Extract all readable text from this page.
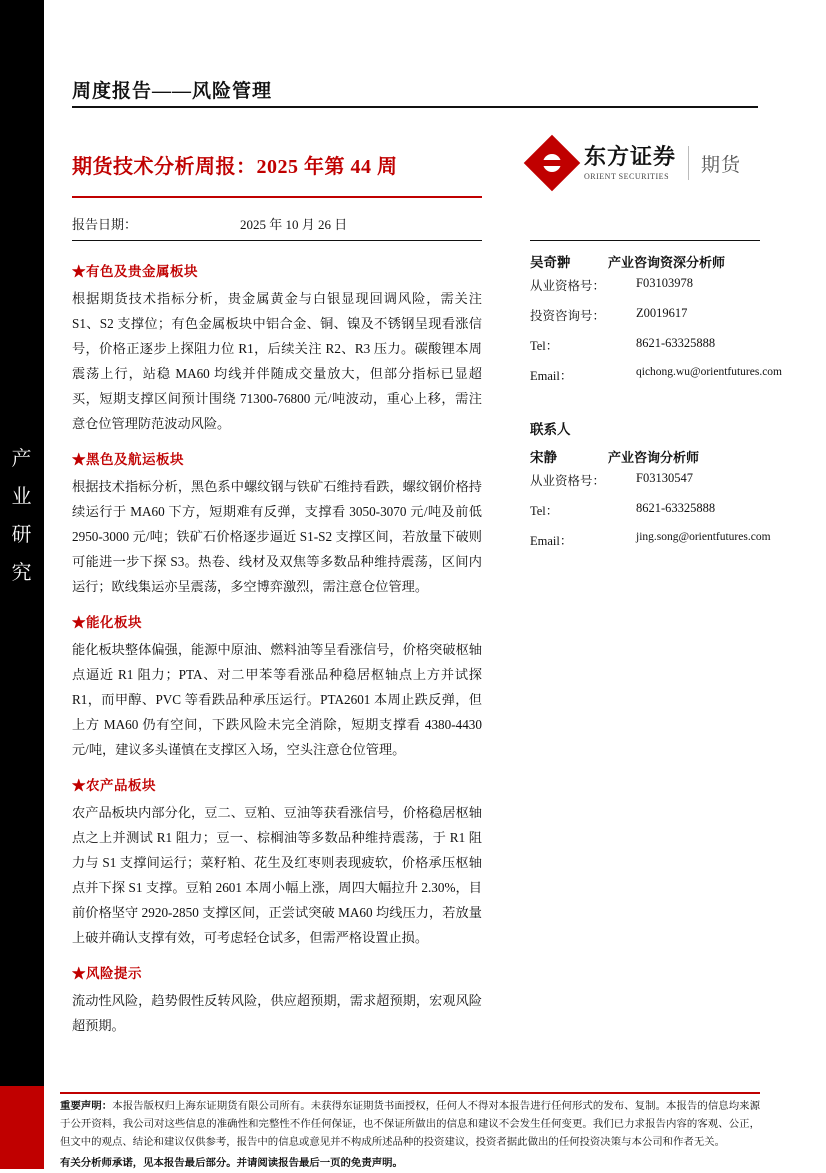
产
业
研
究
周度报告——风险管理
期货技术分析周报：2025 年第 44 周	东方证券
ORIENT SECURITIES
期货
报告日期：	2025 年 10 月 26 日
★有色及贵金属板块

根据期货技术指标分析，贵金属黄金与白银显现回调风险，需关注 S1、S2 支撑位；有色金属板块中铝合金、铜、镍及不锈钢呈现看涨信号，价格正逐步上探阻力位 R1，后续关注 R2、R3 压力。碳酸锂本周震荡上行，站稳 MA60 均线并伴随成交量放大，但部分指标已显超买，短期支撑区间预计围绕 71300-76800 元/吨波动，重心上移，需注意仓位管理防范波动风险。

★黑色及航运板块

根据技术指标分析，黑色系中螺纹钢与铁矿石维持看跌，螺纹钢价格持续运行于 MA60 下方，短期难有反弹，支撑看 3050-3070 元/吨及前低 2950-3000 元/吨；铁矿石价格逐步逼近 S1-S2 支撑区间，若放量下破则可能进一步下探 S3。热卷、线材及双焦等多数品种维持震荡，区间内运行；欧线集运亦呈震荡，多空博弈激烈，需注意仓位管理。

★能化板块

能化板块整体偏强，能源中原油、燃料油等呈看涨信号，价格突破枢轴点逼近 R1 阻力；PTA、对二甲苯等看涨品种稳居枢轴点上方并试探 R1，而甲醇、PVC 等看跌品种承压运行。PTA2601 本周止跌反弹，但上方 MA60 仍有空间，下跌风险未完全消除，短期支撑看 4380-4430 元/吨，建议多头谨慎在支撑区入场，空头注意仓位管理。

★农产品板块

农产品板块内部分化，豆二、豆粕、豆油等获看涨信号，价格稳居枢轴点之上并测试 R1 阻力；豆一、棕榈油等多数品种维持震荡，于 R1 阻力与 S1 支撑间运行；菜籽粕、花生及红枣则表现疲软，价格承压枢轴点并下探 S1 支撑。豆粕 2601 本周小幅上涨，周四大幅拉升 2.30%，目前价格坚守 2920-2850 支撑区间，正尝试突破 MA60 均线压力，若放量上破并确认支撑有效，可考虑轻仓试多，但需严格设置止损。

★风险提示

流动性风险，趋势假性反转风险，供应超预期，需求超预期，宏观风险超预期。

吴奇翀	产业咨询资深分析师
从业资格号： F03103978
投资咨询号： Z0019617
Tel：	8621-63325888
Email：	qichong.wu@orientfutures.com
联系人
宋静	产业咨询分析师
从业资格号： F03130547
Tel：	8621-63325888
Email：	jing.song@orientfutures.com
重要声明：本报告版权归上海东证期货有限公司所有。未获得东证期货书面授权，任何人不得对本报告进行任何形式的发布、复制。本报告的信息均来源于公开资料，我公司对这些信息的准确性和完整性不作任何保证，也不保证所做出的信息和建议不会发生任何变更。我们已力求报告内容的客观、公正，但文中的观点、结论和建议仅供参考，报告中的信息或意见并不构成所述品种的投资建议，投资者据此做出的任何投资决策与本公司和作者无关。
有关分析师承诺，见本报告最后部分。并请阅读报告最后一页的免责声明。
